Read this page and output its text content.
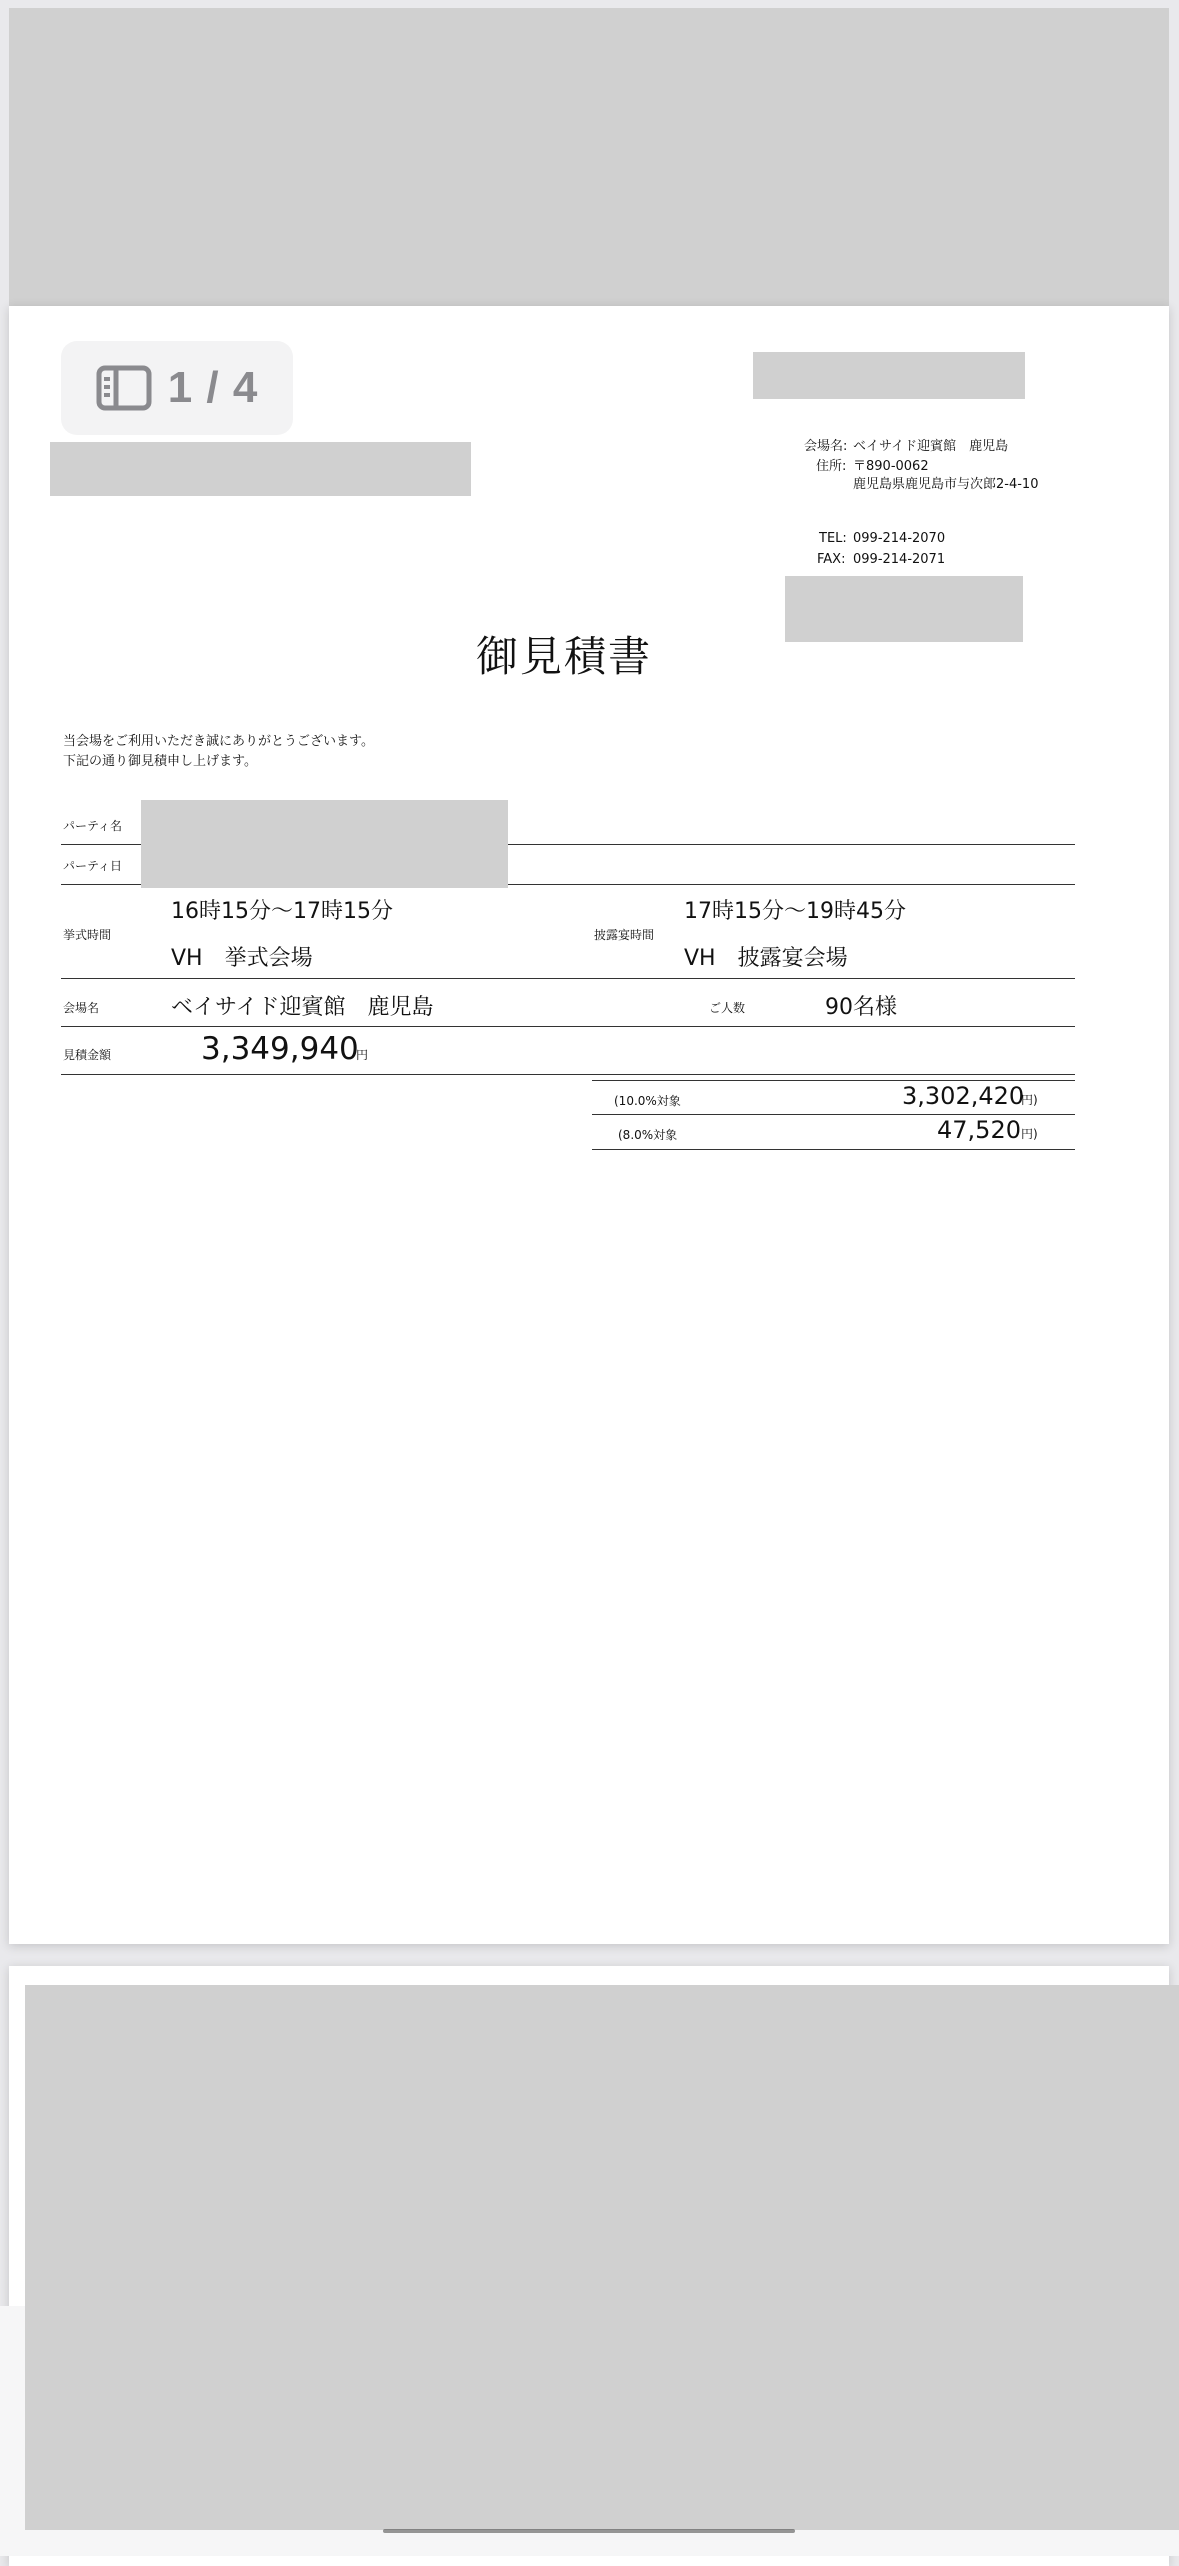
1 / 4
会場名: ベイサイド迎賓館　鹿児島
住所: 〒890-0062
鹿児島県鹿児島市与次郎2-4-10
TEL: 099-214-2070
FAX: 099-214-2071
御見積書
当会場をご利用いただき誠にありがとうございます。
下記の通り御見積申し上げます。
パーティ名
パーティ日
挙式時間
16時15分〜17時15分
VH　挙式会場
披露宴時間
17時15分〜19時45分
VH　披露宴会場
会場名	ベイサイド迎賓館　鹿児島	ご人数	90名様
見積金額	3,349,940
円
(10.0%対象	3,302,420
円)
(8.0%対象	47,520 円)
